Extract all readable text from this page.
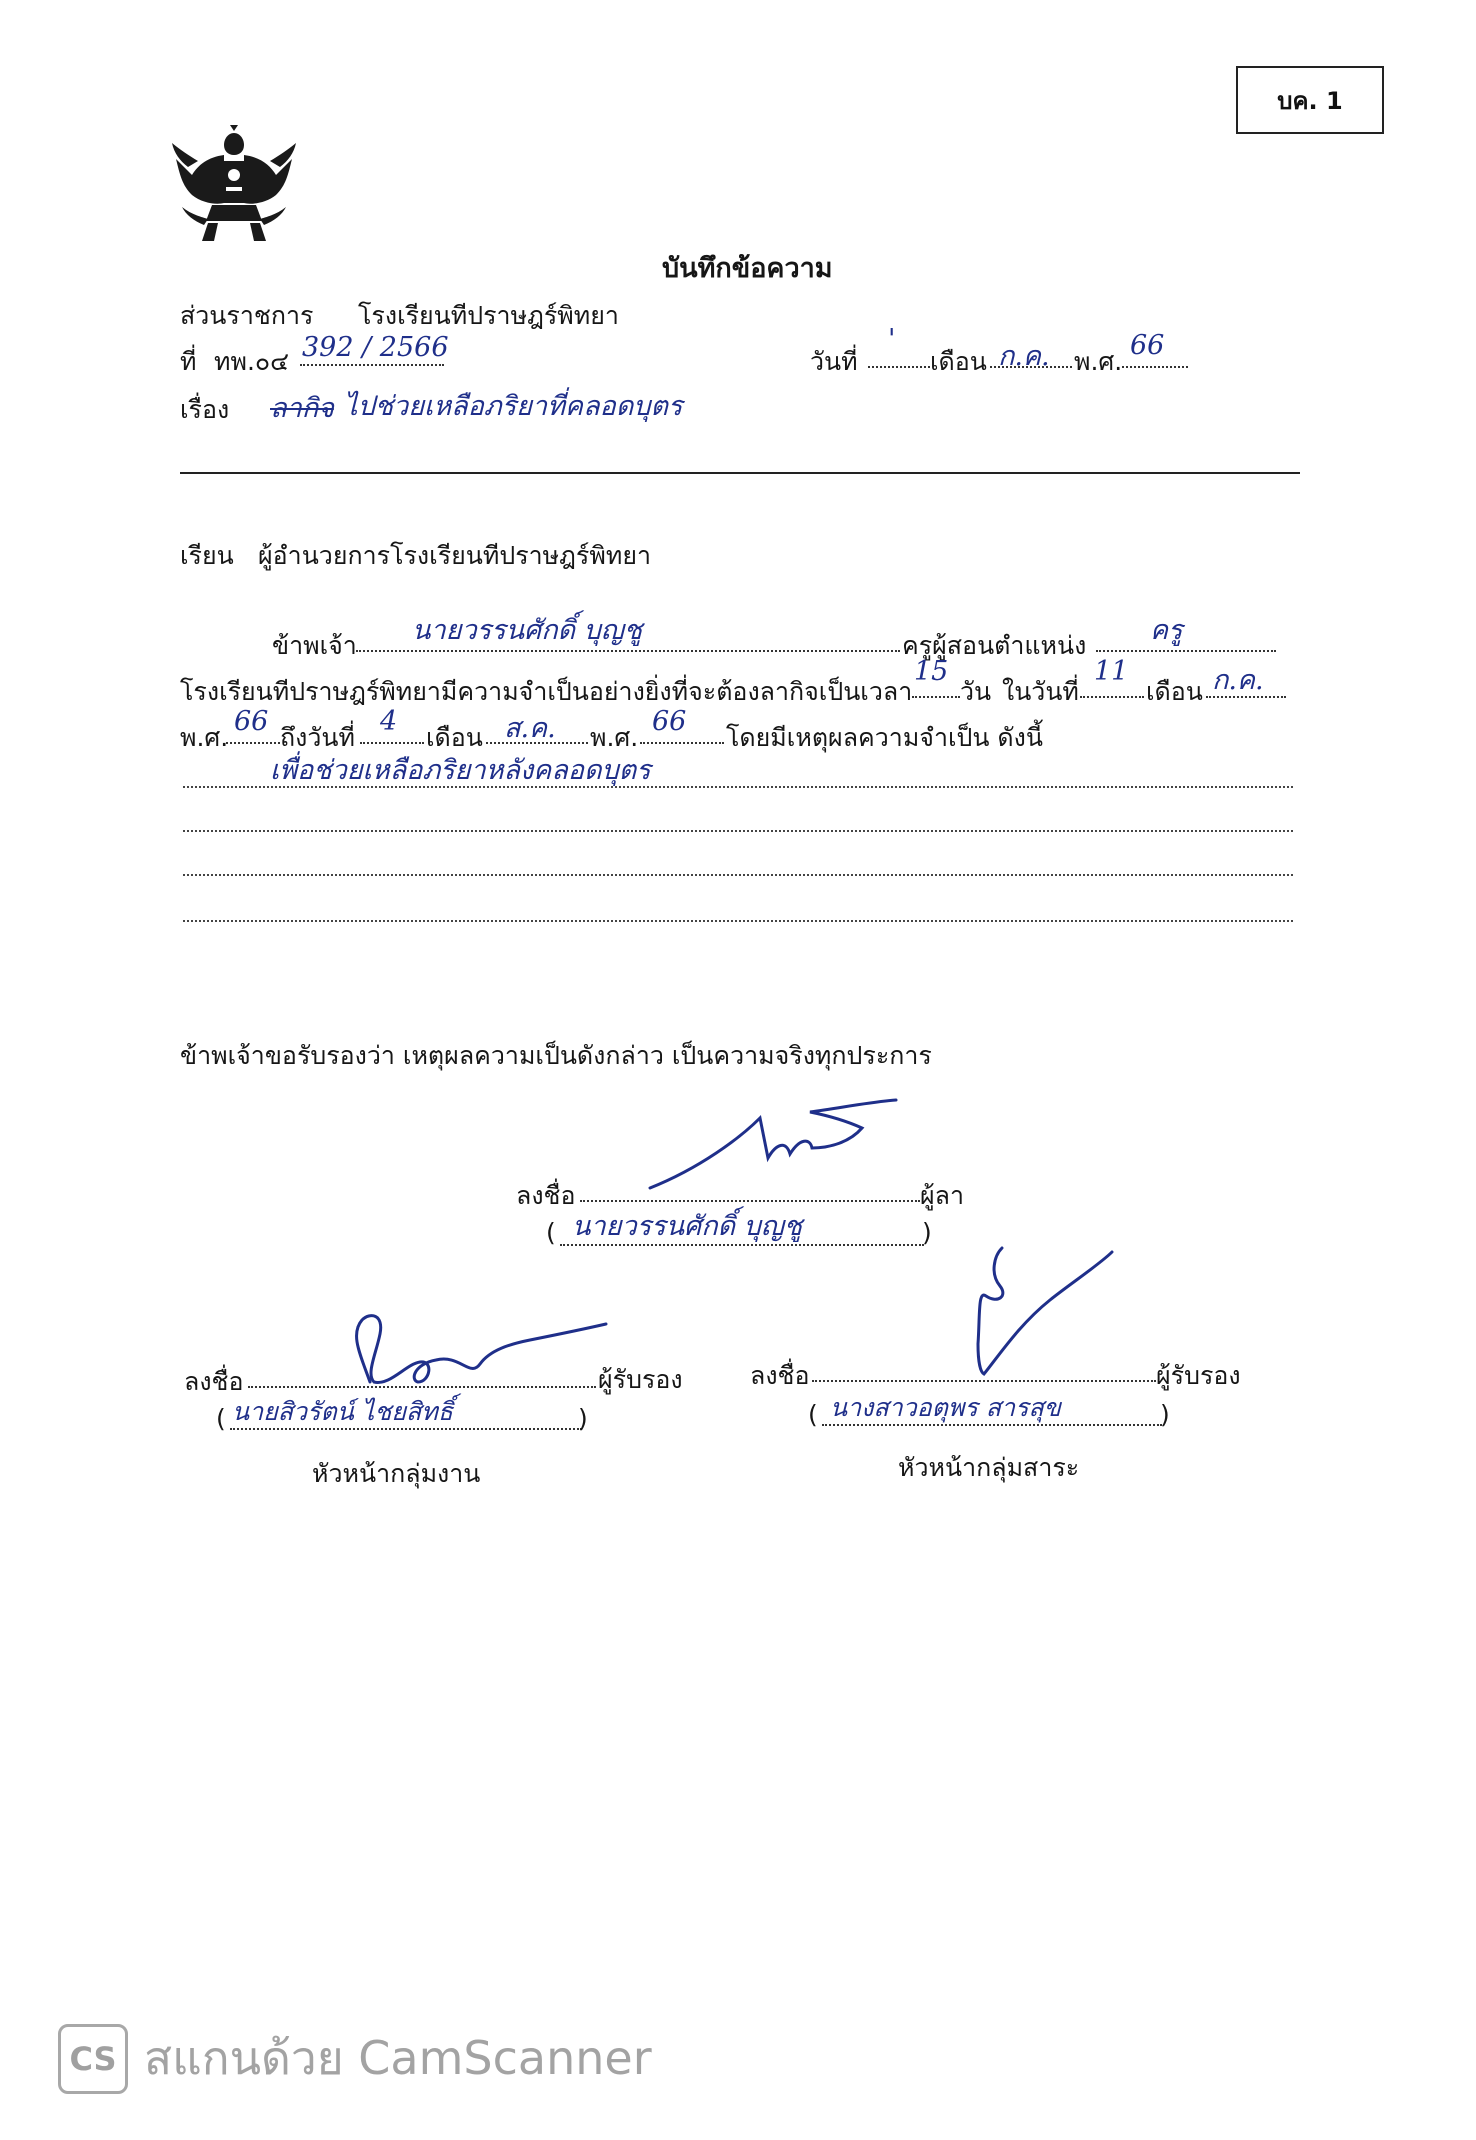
บค. 1
บันทึกข้อความ
ส่วนราชการ โรงเรียนทีปราษฎร์พิทยา
ที่ ทพ.๐๔ 392 / 2566	วันที่
'
เดือน ก.ค. พ.ศ.
66
เรื่อง ลากิจ ไปช่วยเหลือภริยาที่คลอดบุตร
เรียน ผู้อำนวยการโรงเรียนทีปราษฎร์พิทยา
ข้าพเจ้า นายวรรนศักดิ์ บุญชู	ครูผู้สอนตำแหน่ง ครู
โรงเรียนทีปราษฎร์พิทยามีความจำเป็นอย่างยิ่งที่จะต้องลากิจเป็นเวลา
15
วัน ในวันที่
11
เดือน ก.ค.
พ.ศ.
66
ถึงวันที่
4
เดือน ส.ค. พ.ศ.
66
โดยมีเหตุผลความจำเป็น ดังนี้
เพื่อช่วยเหลือภริยาหลังคลอดบุตร
ข้าพเจ้าขอรับรองว่า เหตุผลความเป็นดังกล่าว เป็นความจริงทุกประการ
ลงชื่อ	ผู้ลา
( นายวรรนศักดิ์ บุญชู	)
ลงชื่อ	ผู้รับรอง
( นายสิวรัตน์ ไชยสิทธิ์	)
หัวหน้ากลุ่มงาน
ลงชื่อ	ผู้รับรอง
( นางสาวอตุพร สารสุข	)
หัวหน้ากลุ่มสาระ
CS สแกนด้วย CamScanner
